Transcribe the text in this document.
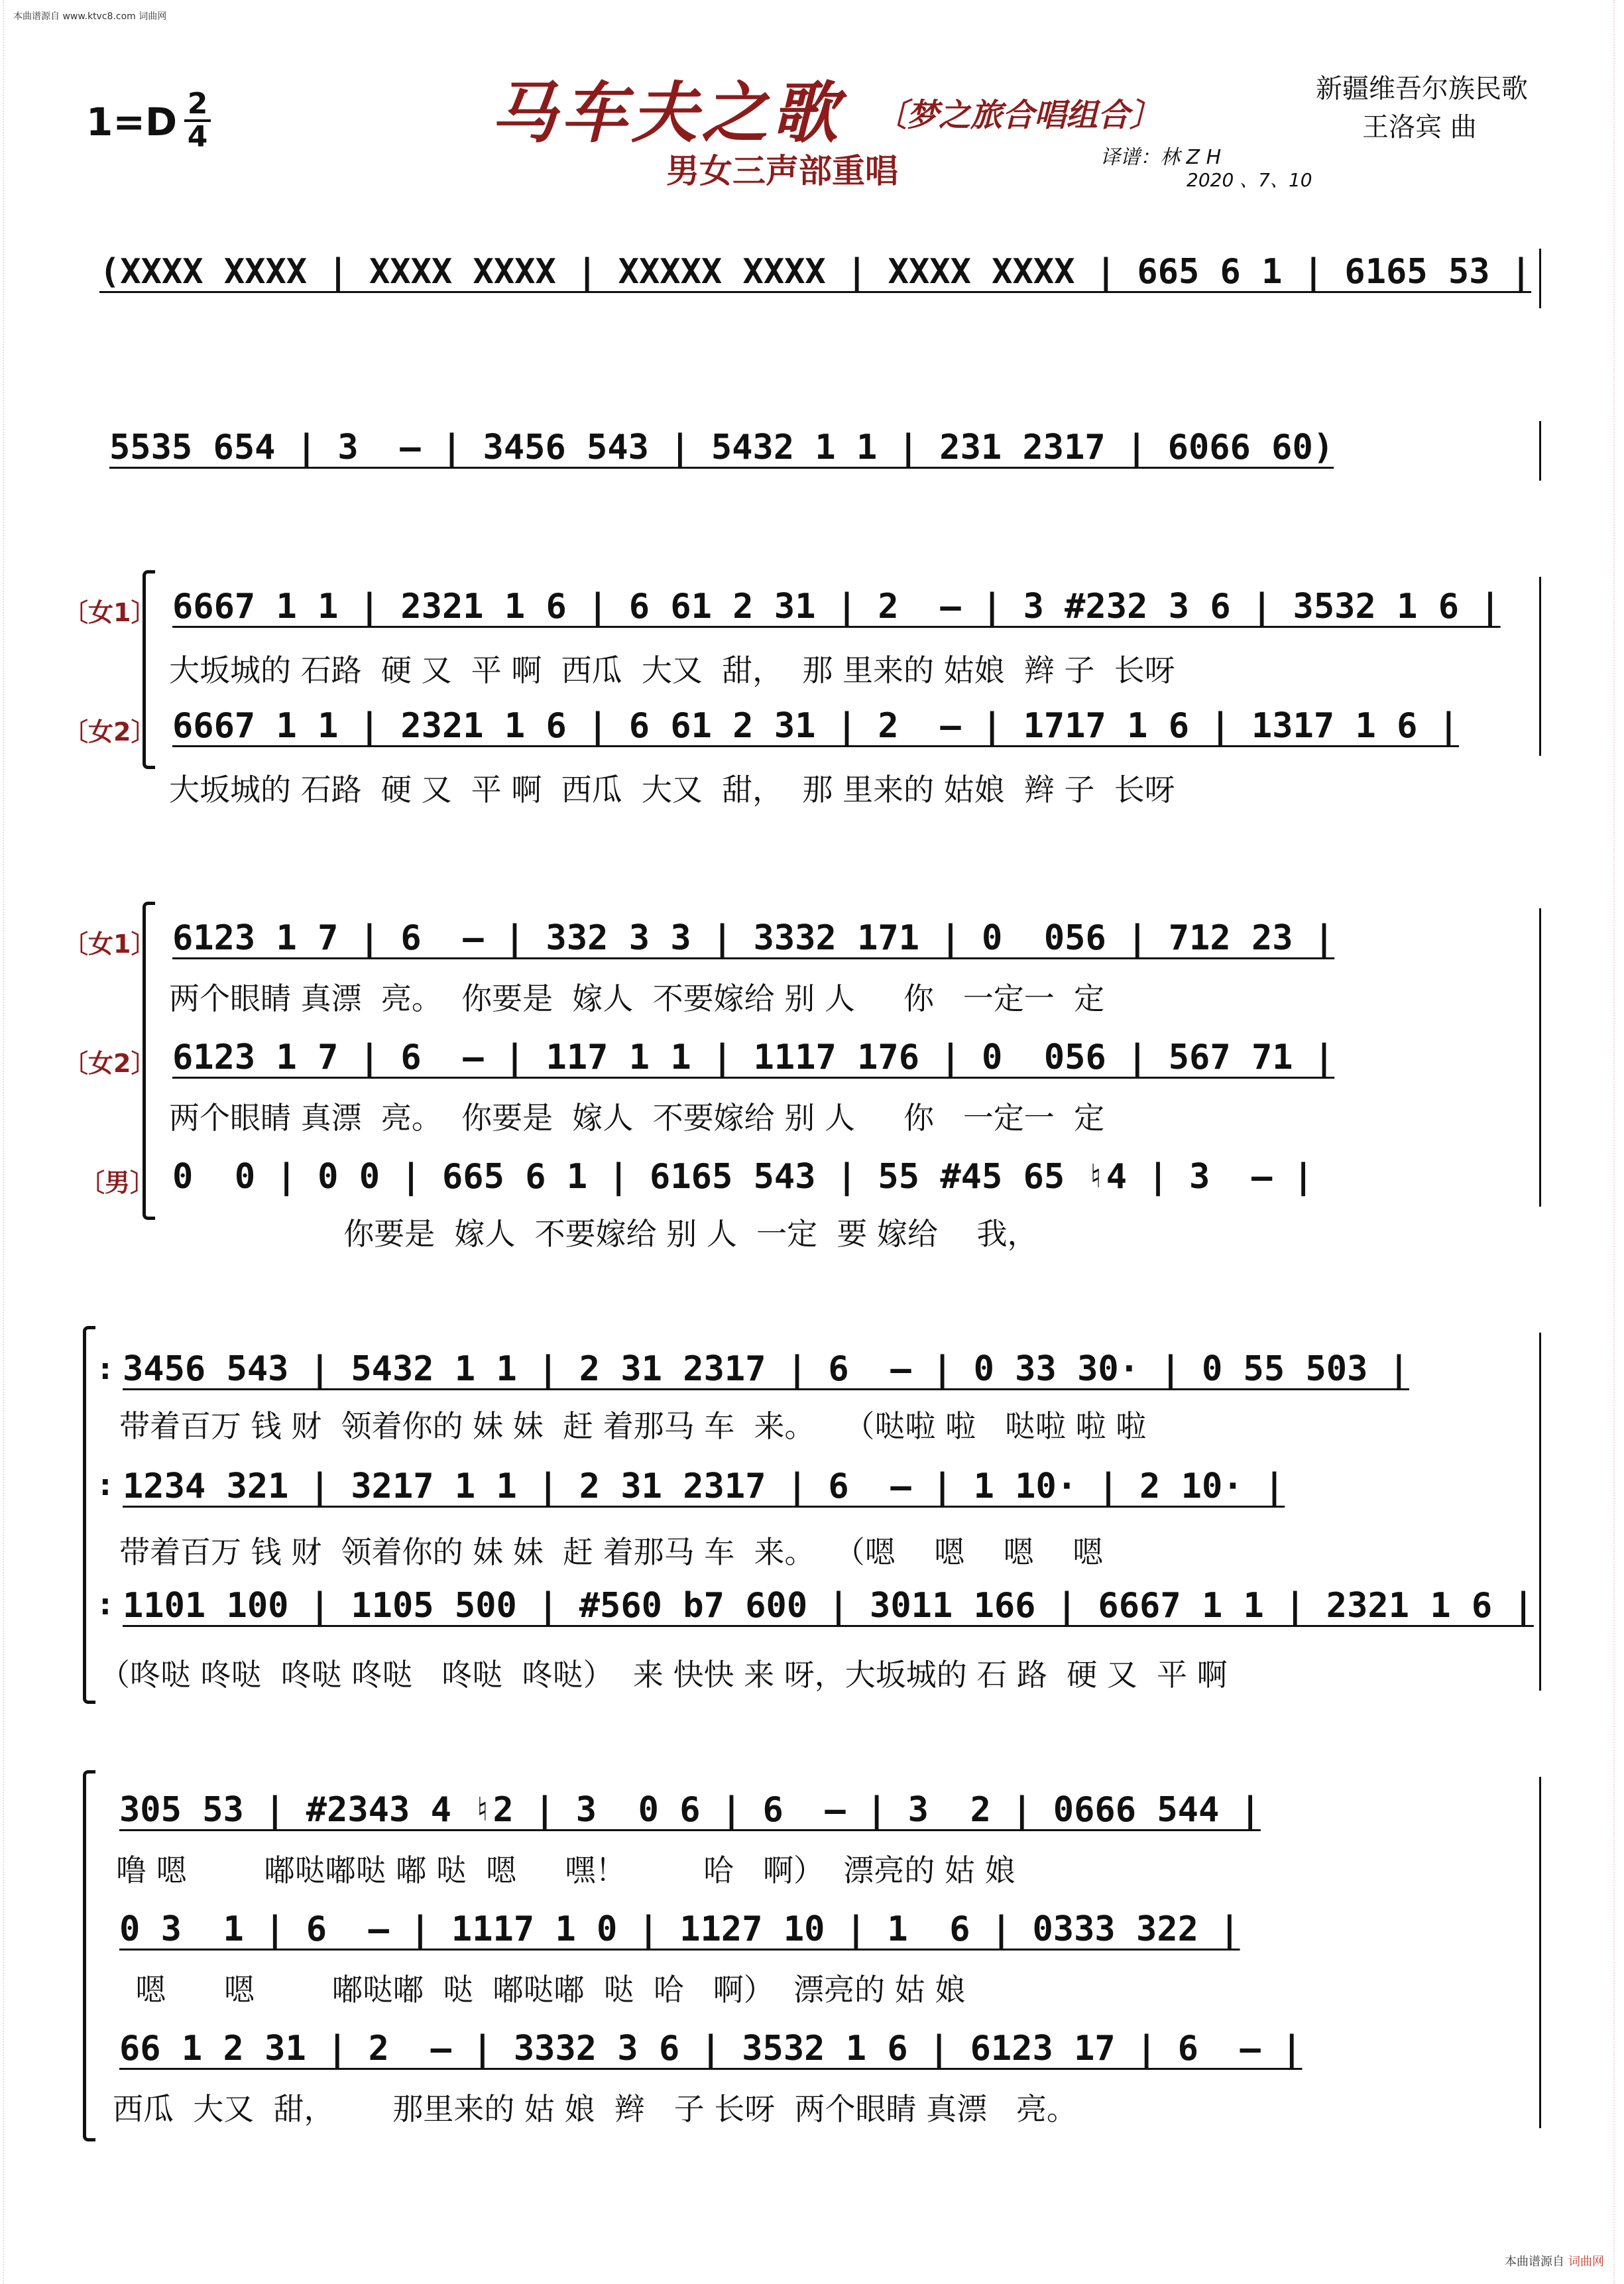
本曲谱源自 www.ktvc8.com 词曲网
本曲谱源自 词曲网
1=D 2
4	马车夫之歌 〔梦之旅合唱组合〕
男女三声部重唱
新疆维吾尔族民歌
王洛宾 曲
译谱：林 Z H
2020 、7、10
(XXXX XXXX | XXXX XXXX | XXXXX XXXX | XXXX XXXX | 665 6 1 | 6165 53 |
5535 654 | 3  – | 3456 543 | 5432 1 1 | 231 2317 | 6066 60)
〔女1〕
〔女2〕
6667 1 1 | 2321 1 6 | 6 61 2 31 | 2  – | 3 #232 3 6 | 3532 1 6 |
大坂城的 石路  硬 又  平 啊  西瓜  大又  甜，  那 里来的 姑娘  辫 子  长呀
6667 1 1 | 2321 1 6 | 6 61 2 31 | 2  – | 1717 1 6 | 1317 1 6 |
大坂城的 石路  硬 又  平 啊  西瓜  大又  甜，  那 里来的 姑娘  辫 子  长呀
〔女1〕
〔女2〕
〔男〕
6123 1 7 | 6  – | 332 3 3 | 3332 171 | 0  056 | 712 23 |
两个眼睛 真漂  亮。  你要是  嫁人  不要嫁给 别 人     你   一定一  定
6123 1 7 | 6  – | 117 1 1 | 1117 176 | 0  056 | 567 71 |
两个眼睛 真漂  亮。  你要是  嫁人  不要嫁给 别 人     你   一定一  定
0  0 | 0 0 | 665 6 1 | 6165 543 | 55 #45 65 ♮4 | 3  – |
你要是  嫁人  不要嫁给 别 人  一定  要 嫁给    我，
:
:
:
3456 543 | 5432 1 1 | 2 31 2317 | 6  – | 0 33 30· | 0 55 503 |
带着百万 钱 财  领着你的 妹 妹  赶 着那马 车  来。   （哒啦 啦   哒啦 啦 啦
1234 321 | 3217 1 1 | 2 31 2317 | 6  – | 1 10· | 2 10· |
带着百万 钱 财  领着你的 妹 妹  赶 着那马 车  来。  （嗯    嗯    嗯    嗯
1101 100 | 1105 500 | #560 b7 600 | 3011 166 | 6667 1 1 | 2321 1 6 |
（咚哒 咚哒  咚哒 咚哒   咚哒  咚哒）  来 快快 来 呀，大坂城的 石 路  硬 又  平 啊
305 53 | #2343 4 ♮2 | 3  0 6 | 6  – | 3  2 | 0666 544 |
噜 嗯        嘟哒嘟哒 嘟 哒  嗯     嘿！        哈   啊）  漂亮的 姑 娘
0 3  1 | 6  – | 1117 1 0 | 1127 10 | 1  6 | 0333 322 |
嗯      嗯        嘟哒嘟  哒  嘟哒嘟  哒  哈   啊）  漂亮的 姑 娘
66 1 2 31 | 2  – | 3332 3 6 | 3532 1 6 | 6123 17 | 6  – |
西瓜  大又  甜，      那里来的 姑 娘  辫   子 长呀  两个眼睛 真漂   亮。
